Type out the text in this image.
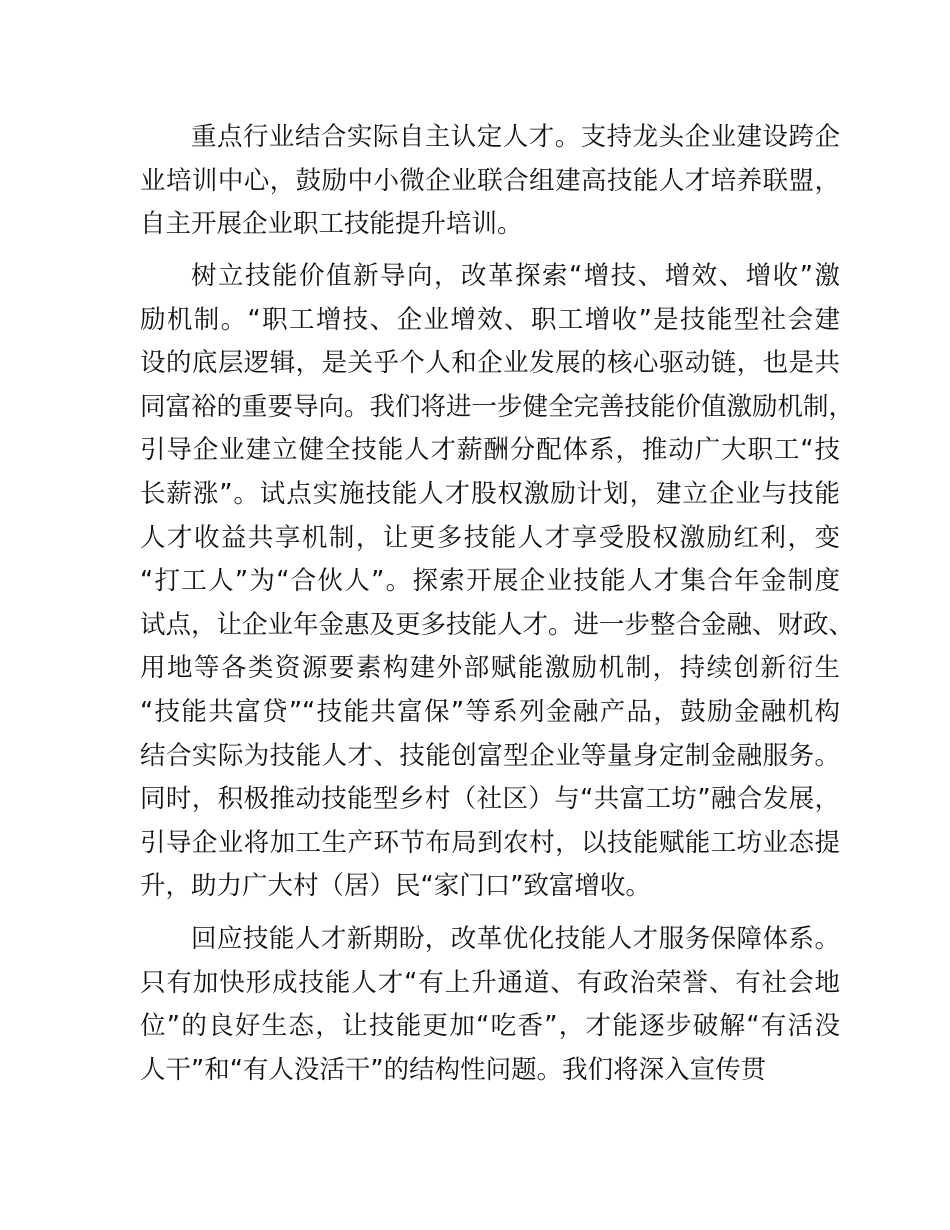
重点行业结合实际自主认定人才。支持龙头企业建设跨企
业培训中心，鼓励中小微企业联合组建高技能人才培养联盟，
自主开展企业职工技能提升培训。
树立技能价值新导向，改革探索“增技、增效、增收”激
励机制。“职工增技、企业增效、职工增收”是技能型社会建
设的底层逻辑，是关乎个人和企业发展的核心驱动链，也是共
同富裕的重要导向。我们将进一步健全完善技能价值激励机制，
引导企业建立健全技能人才薪酬分配体系，推动广大职工“技
长薪涨”。试点实施技能人才股权激励计划，建立企业与技能
人才收益共享机制，让更多技能人才享受股权激励红利，变
“打工人”为“合伙人”。探索开展企业技能人才集合年金制度
试点，让企业年金惠及更多技能人才。进一步整合金融、财政、
用地等各类资源要素构建外部赋能激励机制，持续创新衍生
“技能共富贷”“技能共富保”等系列金融产品，鼓励金融机构
结合实际为技能人才、技能创富型企业等量身定制金融服务。
同时，积极推动技能型乡村（社区）与“共富工坊”融合发展，
引导企业将加工生产环节布局到农村，以技能赋能工坊业态提
升，助力广大村（居）民“家门口”致富增收。
回应技能人才新期盼，改革优化技能人才服务保障体系。
只有加快形成技能人才“有上升通道、有政治荣誉、有社会地
位”的良好生态，让技能更加“吃香”，才能逐步破解“有活没
人干”和“有人没活干”的结构性问题。我们将深入宣传贯
